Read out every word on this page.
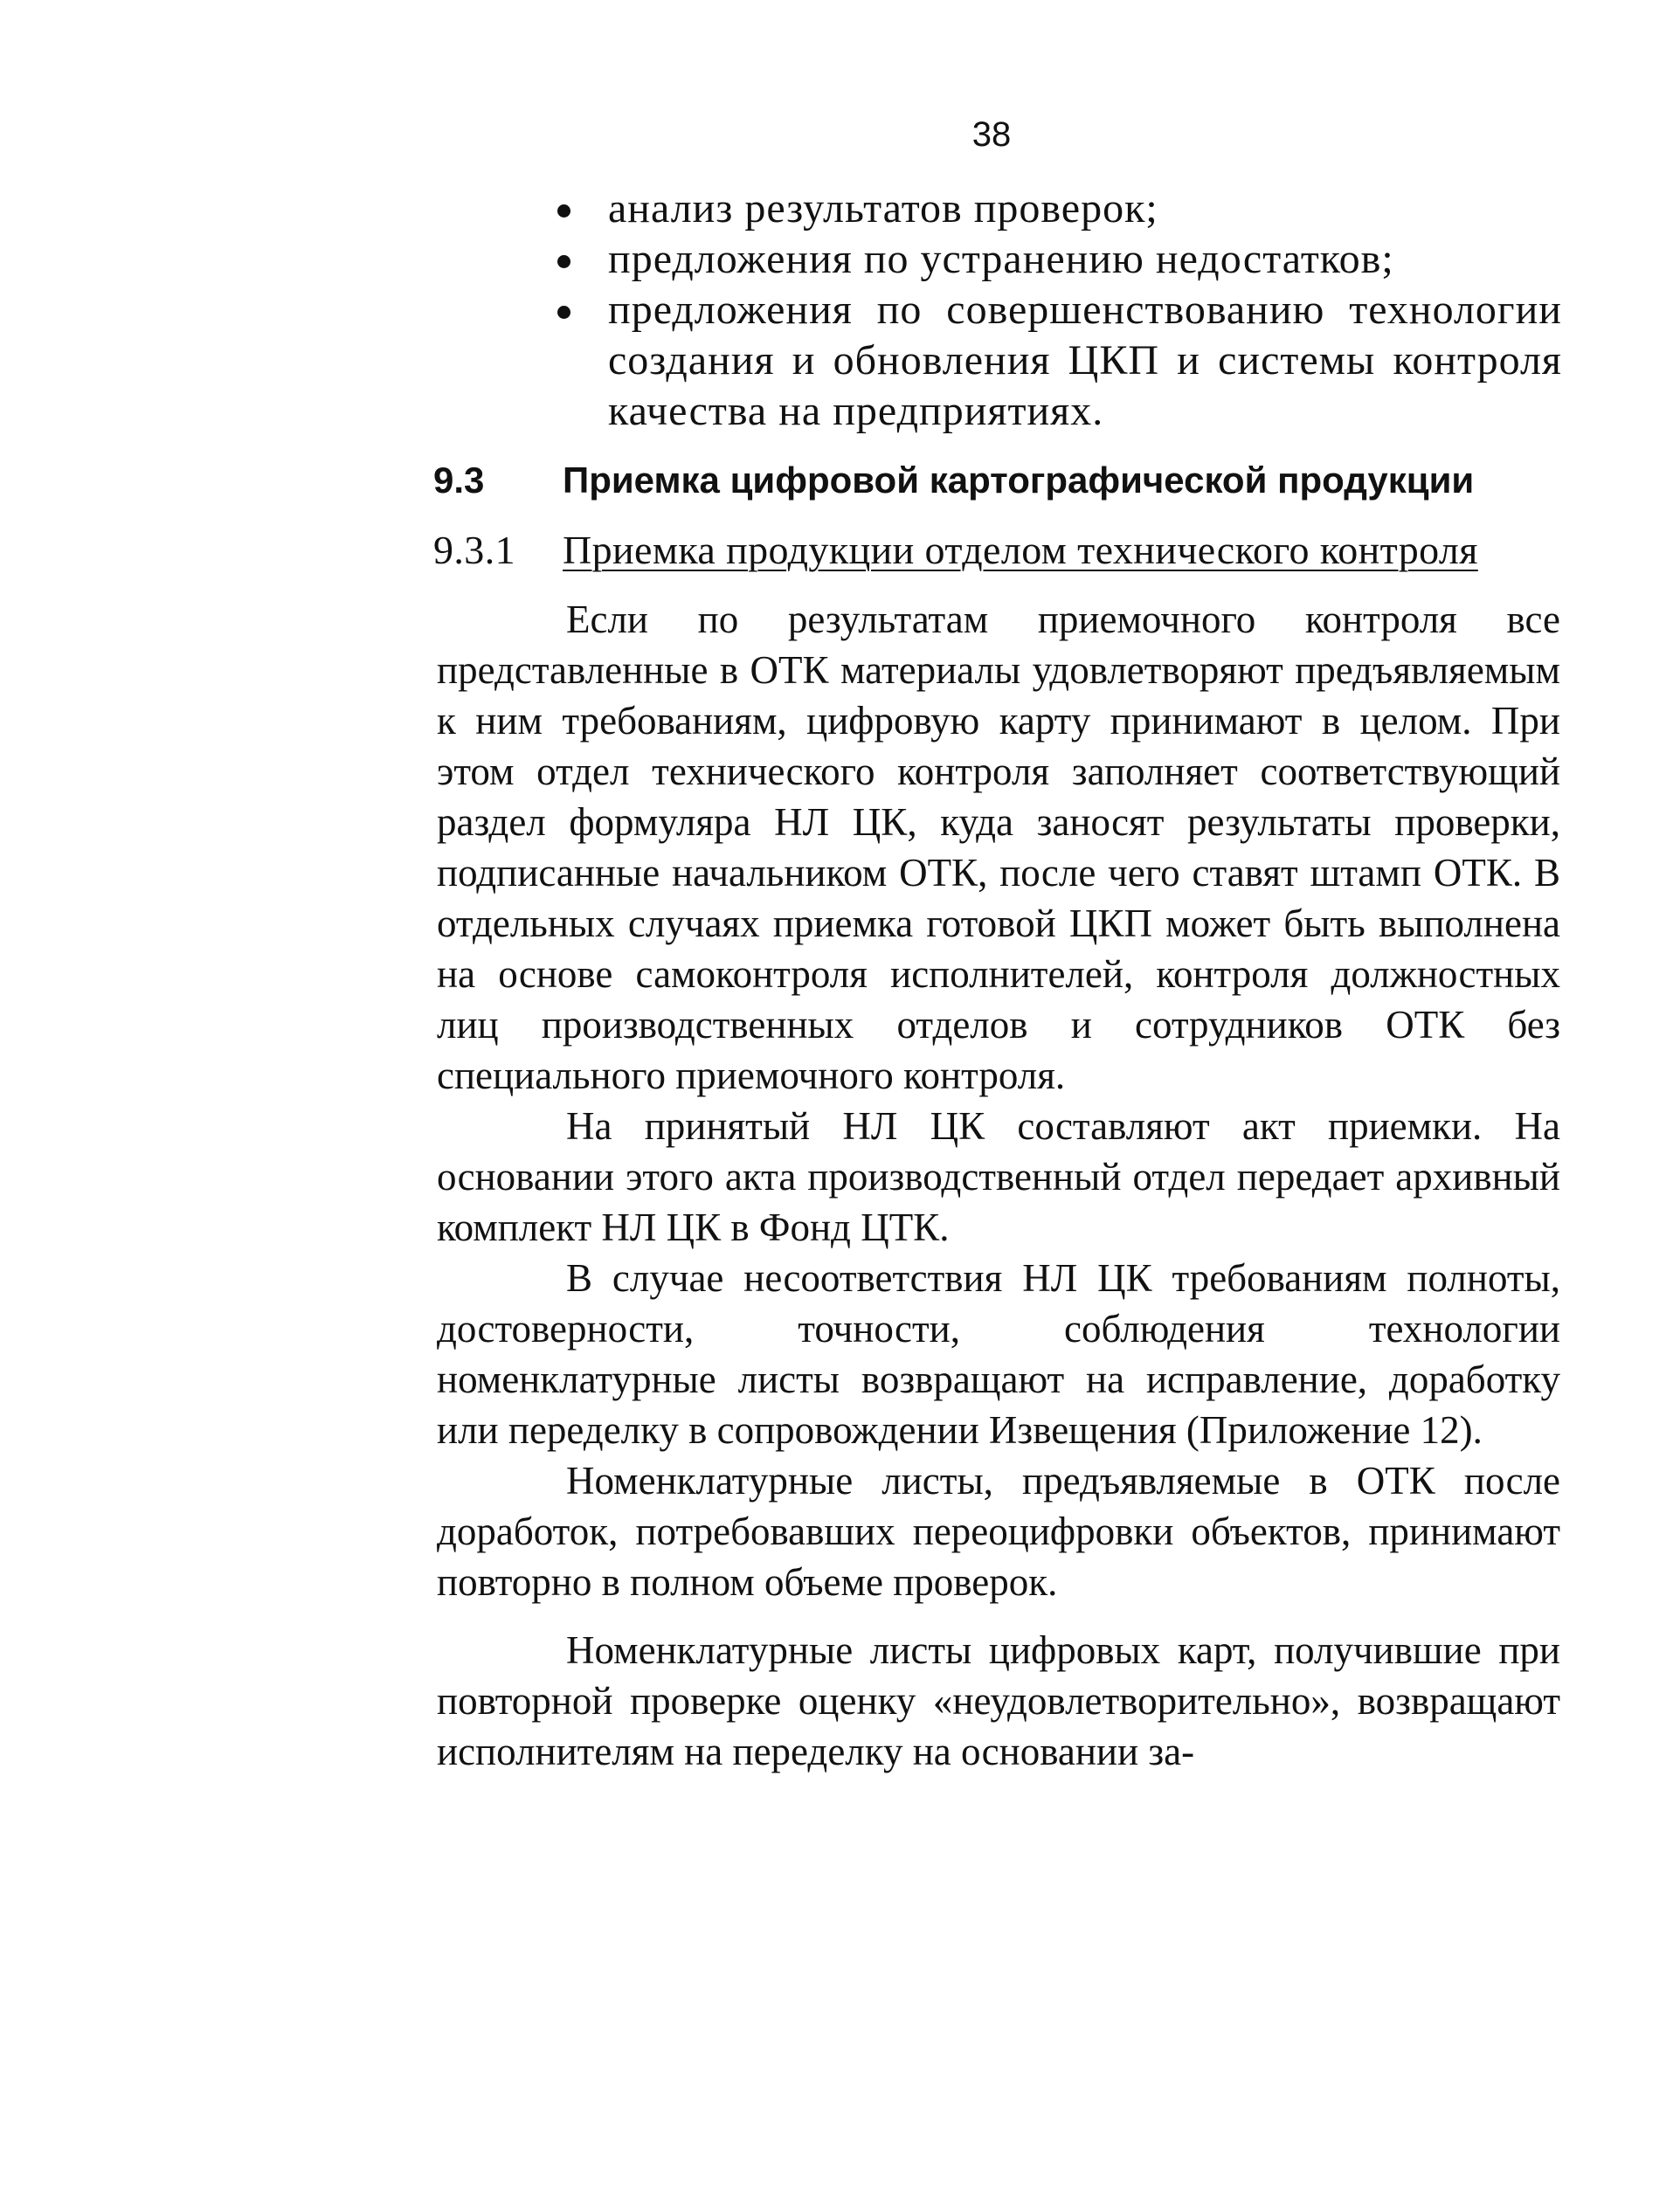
38
анализ результатов проверок;
предложения по устранению недостатков;
предложения по совершенствованию технологии создания и обновления ЦКП и системы контроля качества на предприятиях.
9.3 Приемка цифровой картографической продукции
9.3.1 Приемка продукции отделом технического контроля

Если по результатам приемочного контроля все представленные в ОТК материалы удовлетворяют предъявляемым к ним требованиям, цифровую карту принимают в целом. При этом отдел технического контроля заполняет соответствующий раздел формуляра НЛ ЦК, куда заносят результаты проверки, подписанные начальником ОТК, после чего ставят штамп ОТК. В отдельных случаях приемка готовой ЦКП может быть выполнена на основе самоконтроля исполнителей, контроля должностных лиц производственных отделов и сотрудников ОТК без специального приемочного контроля.

На принятый НЛ ЦК составляют акт приемки. На основании этого акта производственный отдел передает архивный комплект НЛ ЦК в Фонд ЦТК.

В случае несоответствия НЛ ЦК требованиям полноты, достоверности, точности, соблюдения технологии номенклатурные листы возвращают на исправление, доработку или переделку в сопровождении Извещения (Приложение 12).

Номенклатурные листы, предъявляемые в ОТК после доработок, потребовавших переоцифровки объектов, принимают повторно в полном объеме проверок.

Номенклатурные листы цифровых карт, получившие при повторной проверке оценку «неудовлетворительно», возвращают исполнителям на переделку на основании за-
